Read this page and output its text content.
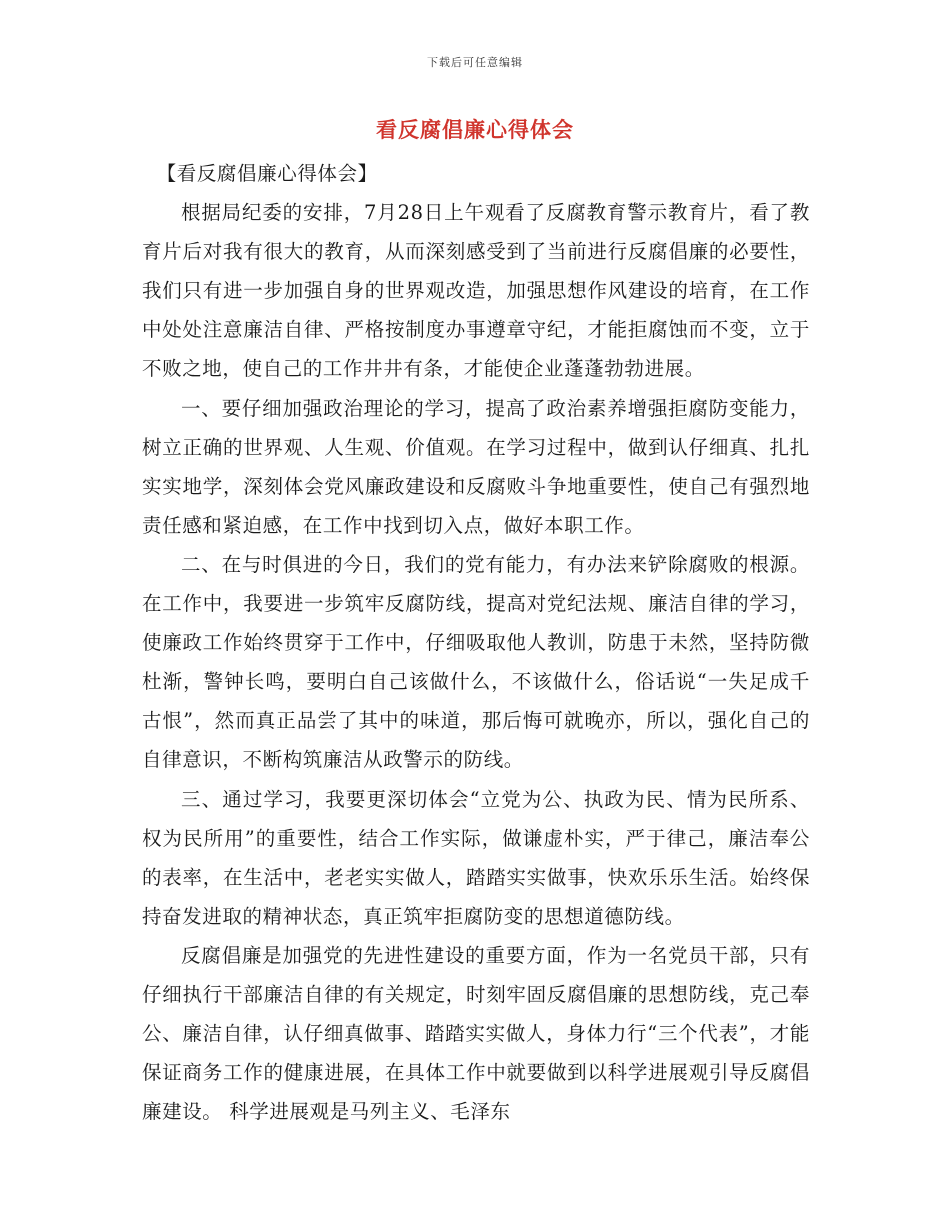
下载后可任意编辑
看反腐倡廉心得体会

【看反腐倡廉心得体会】

根据局纪委的安排，7月28日上午观看了反腐教育警示教育片，看了教育片后对我有很大的教育，从而深刻感受到了当前进行反腐倡廉的必要性，我们只有进一步加强自身的世界观改造，加强思想作风建设的培育，在工作中处处注意廉洁自律、严格按制度办事遵章守纪，才能拒腐蚀而不变，立于不败之地，使自己的工作井井有条，才能使企业蓬蓬勃勃进展。

一、要仔细加强政治理论的学习，提高了政治素养增强拒腐防变能力，树立正确的世界观、人生观、价值观。在学习过程中，做到认仔细真、扎扎实实地学，深刻体会党风廉政建设和反腐败斗争地重要性，使自己有强烈地责任感和紧迫感，在工作中找到切入点，做好本职工作。

二、在与时俱进的今日，我们的党有能力，有办法来铲除腐败的根源。在工作中，我要进一步筑牢反腐防线，提高对党纪法规、廉洁自律的学习，使廉政工作始终贯穿于工作中，仔细吸取他人教训，防患于未然，坚持防微杜渐，警钟长鸣，要明白自己该做什么，不该做什么，俗话说“一失足成千古恨”，然而真正品尝了其中的味道，那后悔可就晚亦，所以，强化自己的自律意识，不断构筑廉洁从政警示的防线。

三、通过学习，我要更深切体会“立党为公、执政为民、情为民所系、权为民所用”的重要性，结合工作实际，做谦虚朴实，严于律己，廉洁奉公的表率，在生活中，老老实实做人，踏踏实实做事，快欢乐乐生活。始终保持奋发进取的精神状态，真正筑牢拒腐防变的思想道德防线。

反腐倡廉是加强党的先进性建设的重要方面，作为一名党员干部，只有仔细执行干部廉洁自律的有关规定，时刻牢固反腐倡廉的思想防线，克己奉公、廉洁自律，认仔细真做事、踏踏实实做人，身体力行“三个代表”，才能保证商务工作的健康进展，在具体工作中就要做到以科学进展观引导反腐倡廉建设。 科学进展观是马列主义、毛泽东
